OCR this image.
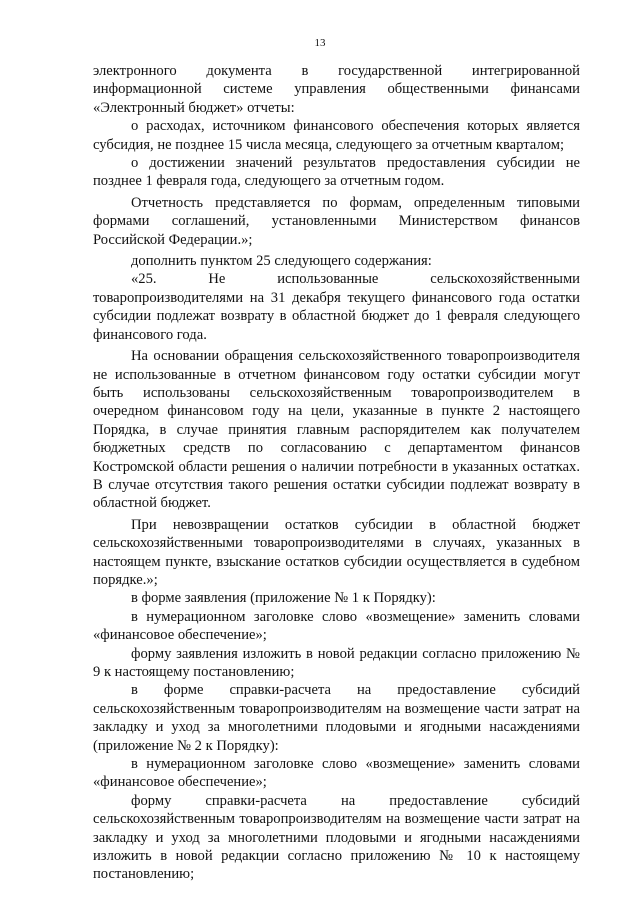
13

электронного документа в государственной интегрированной информационной системе управления общественными финансами «Электронный бюджет» отчеты:

о расходах, источником финансового обеспечения которых является субсидия, не позднее 15 числа месяца, следующего за отчетным кварталом;

о достижении значений результатов предоставления субсидии не позднее 1 февраля года, следующего за отчетным годом.

Отчетность представляется по формам, определенным типовыми формами соглашений, установленными Министерством финансов Российской Федерации.»;

дополнить пунктом 25 следующего содержания:

«25. Не использованные сельскохозяйственными товаропроизводителями на 31 декабря текущего финансового года остатки субсидии подлежат возврату в областной бюджет до 1 февраля следующего финансового года.

На основании обращения сельскохозяйственного товаропроизводителя не использованные в отчетном финансовом году остатки субсидии могут быть использованы сельскохозяйственным товаропроизводителем в очередном финансовом году на цели, указанные в пункте 2 настоящего Порядка, в случае принятия главным распорядителем как получателем бюджетных средств по согласованию с департаментом финансов Костромской области решения о наличии потребности в указанных остатках. В случае отсутствия такого решения остатки субсидии подлежат возврату в областной бюджет.

При невозвращении остатков субсидии в областной бюджет сельскохозяйственными товаропроизводителями в случаях, указанных в настоящем пункте, взыскание остатков субсидии осуществляется в судебном порядке.»;

в форме заявления (приложение № 1 к Порядку):

в нумерационном заголовке слово «возмещение» заменить словами «финансовое обеспечение»;

форму заявления изложить в новой редакции согласно приложению № 9 к настоящему постановлению;

в форме справки-расчета на предоставление субсидий сельскохозяйственным товаропроизводителям на возмещение части затрат на закладку и уход за многолетними плодовыми и ягодными насаждениями (приложение № 2 к Порядку):

в нумерационном заголовке слово «возмещение» заменить словами «финансовое обеспечение»;

форму справки-расчета на предоставление субсидий сельскохозяйственным товаропроизводителям на возмещение части затрат на закладку и уход за многолетними плодовыми и ягодными насаждениями изложить в новой редакции согласно приложению № 10 к настоящему постановлению;
